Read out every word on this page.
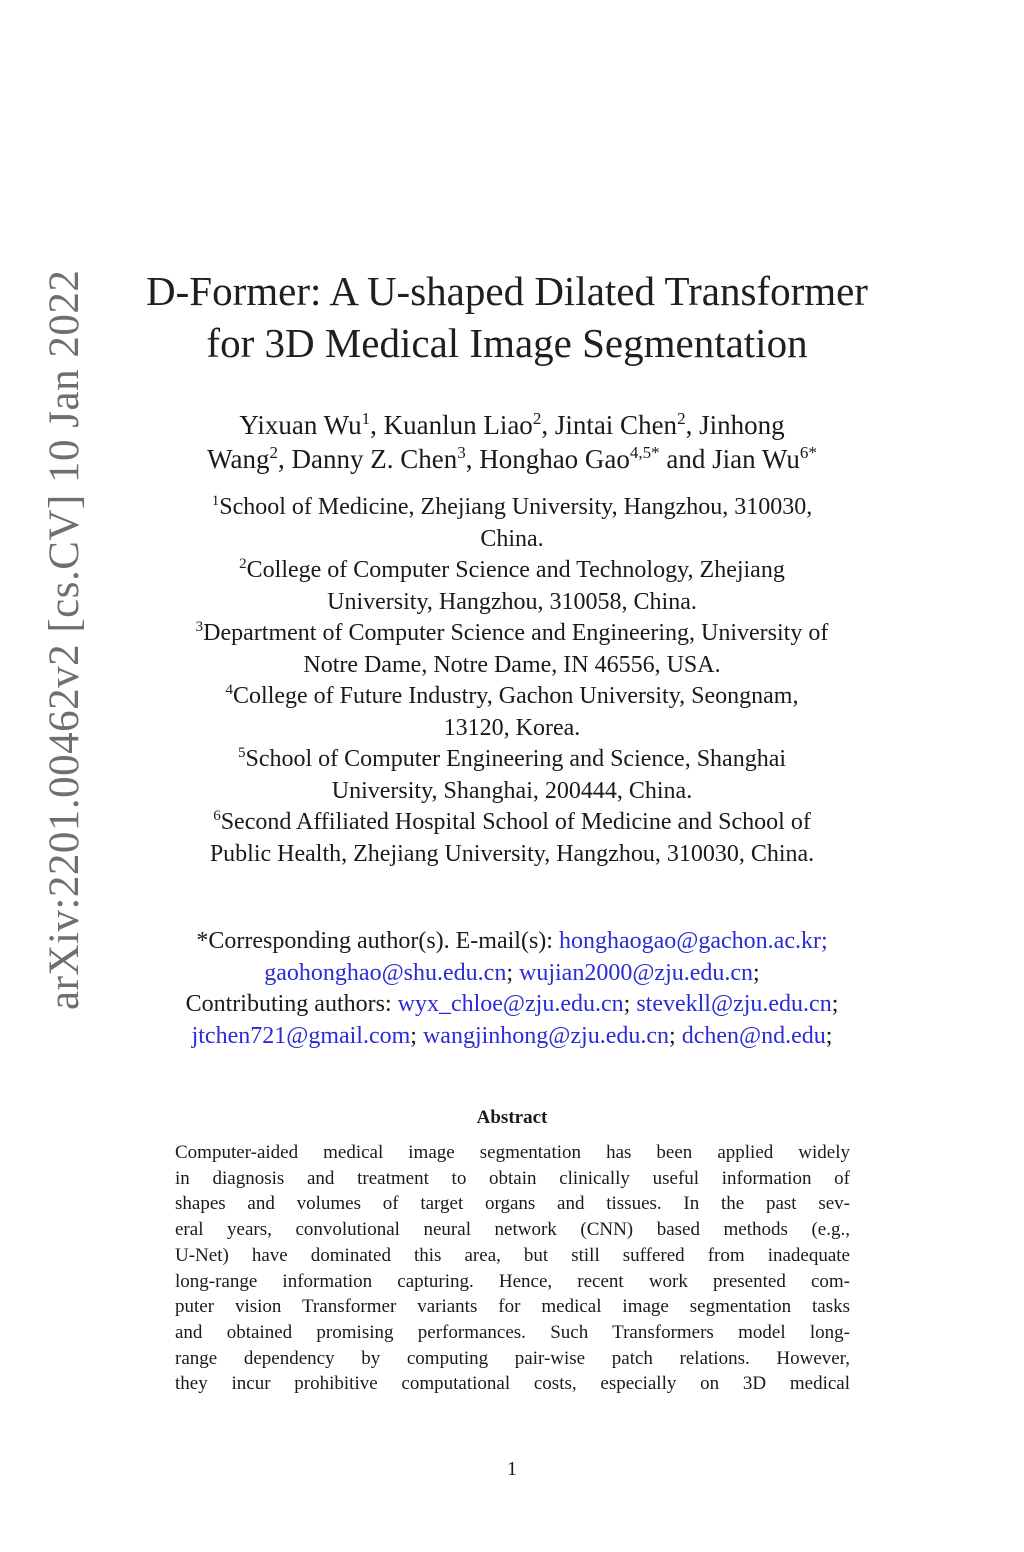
arXiv:2201.00462v2 [cs.CV] 10 Jan 2022	D-Former: A U-shaped Dilated Transformer
for 3D Medical Image Segmentation
Yixuan Wu$^1$, Kuanlun Liao$^2$, Jintai Chen$^2$, Jinhong
Wang$^2$, Danny Z. Chen$^3$, Honghao Gao$^{4,5*}$ and Jian $Wu^{6*}$
$^1$School of Medicine, Zhejiang University, Hangzhou, 310030,
China.
$^2$College of Computer Science and Technology, Zhejiang
University, Hangzhou, 310058, China.
$^3$Department of Computer Science and Engineering, University of
Notre Dame, Notre Dame, IN 46556, USA.
$^4$College of Future Industry, Gachon University, Seongnam,
13120, Korea.
$^5$School of Computer Engineering and Science, Shanghai
University, Shanghai, 200444, China.
$^6$Second Affiliated Hospital School of Medicine and School of
Public Health, Zhejiang University, Hangzhou, 310030, China.
*Corresponding author(s). E-mail(s): honghaogao@gachon.ac.kr;
gaohonghao@shu.edu.cn; wujian2000@zju.edu.cn;
Contributing authors: wyx_chloe@zju.edu.cn; stevekll@zju.edu.cn;
jtchen721@gmail.com; wangjinhong@zju.edu.cn; dchen@nd.edu;
Abstract
Computer-aided medical image segmentation has been applied widely
in diagnosis and treatment to obtain clinically useful information of
shapes and volumes of target organs and tissues. In the past sev-
eral years, convolutional neural network (CNN) based methods (e.g.,
U-Net) have dominated this area, but still suffered from inadequate
long-range information capturing. Hence, recent work presented com-
puter vision Transformer variants for medical image segmentation tasks
and obtained promising performances. Such Transformers model long-
range dependency by computing pair-wise patch relations. However,
they incur prohibitive computational costs, especially on 3D medical
1
